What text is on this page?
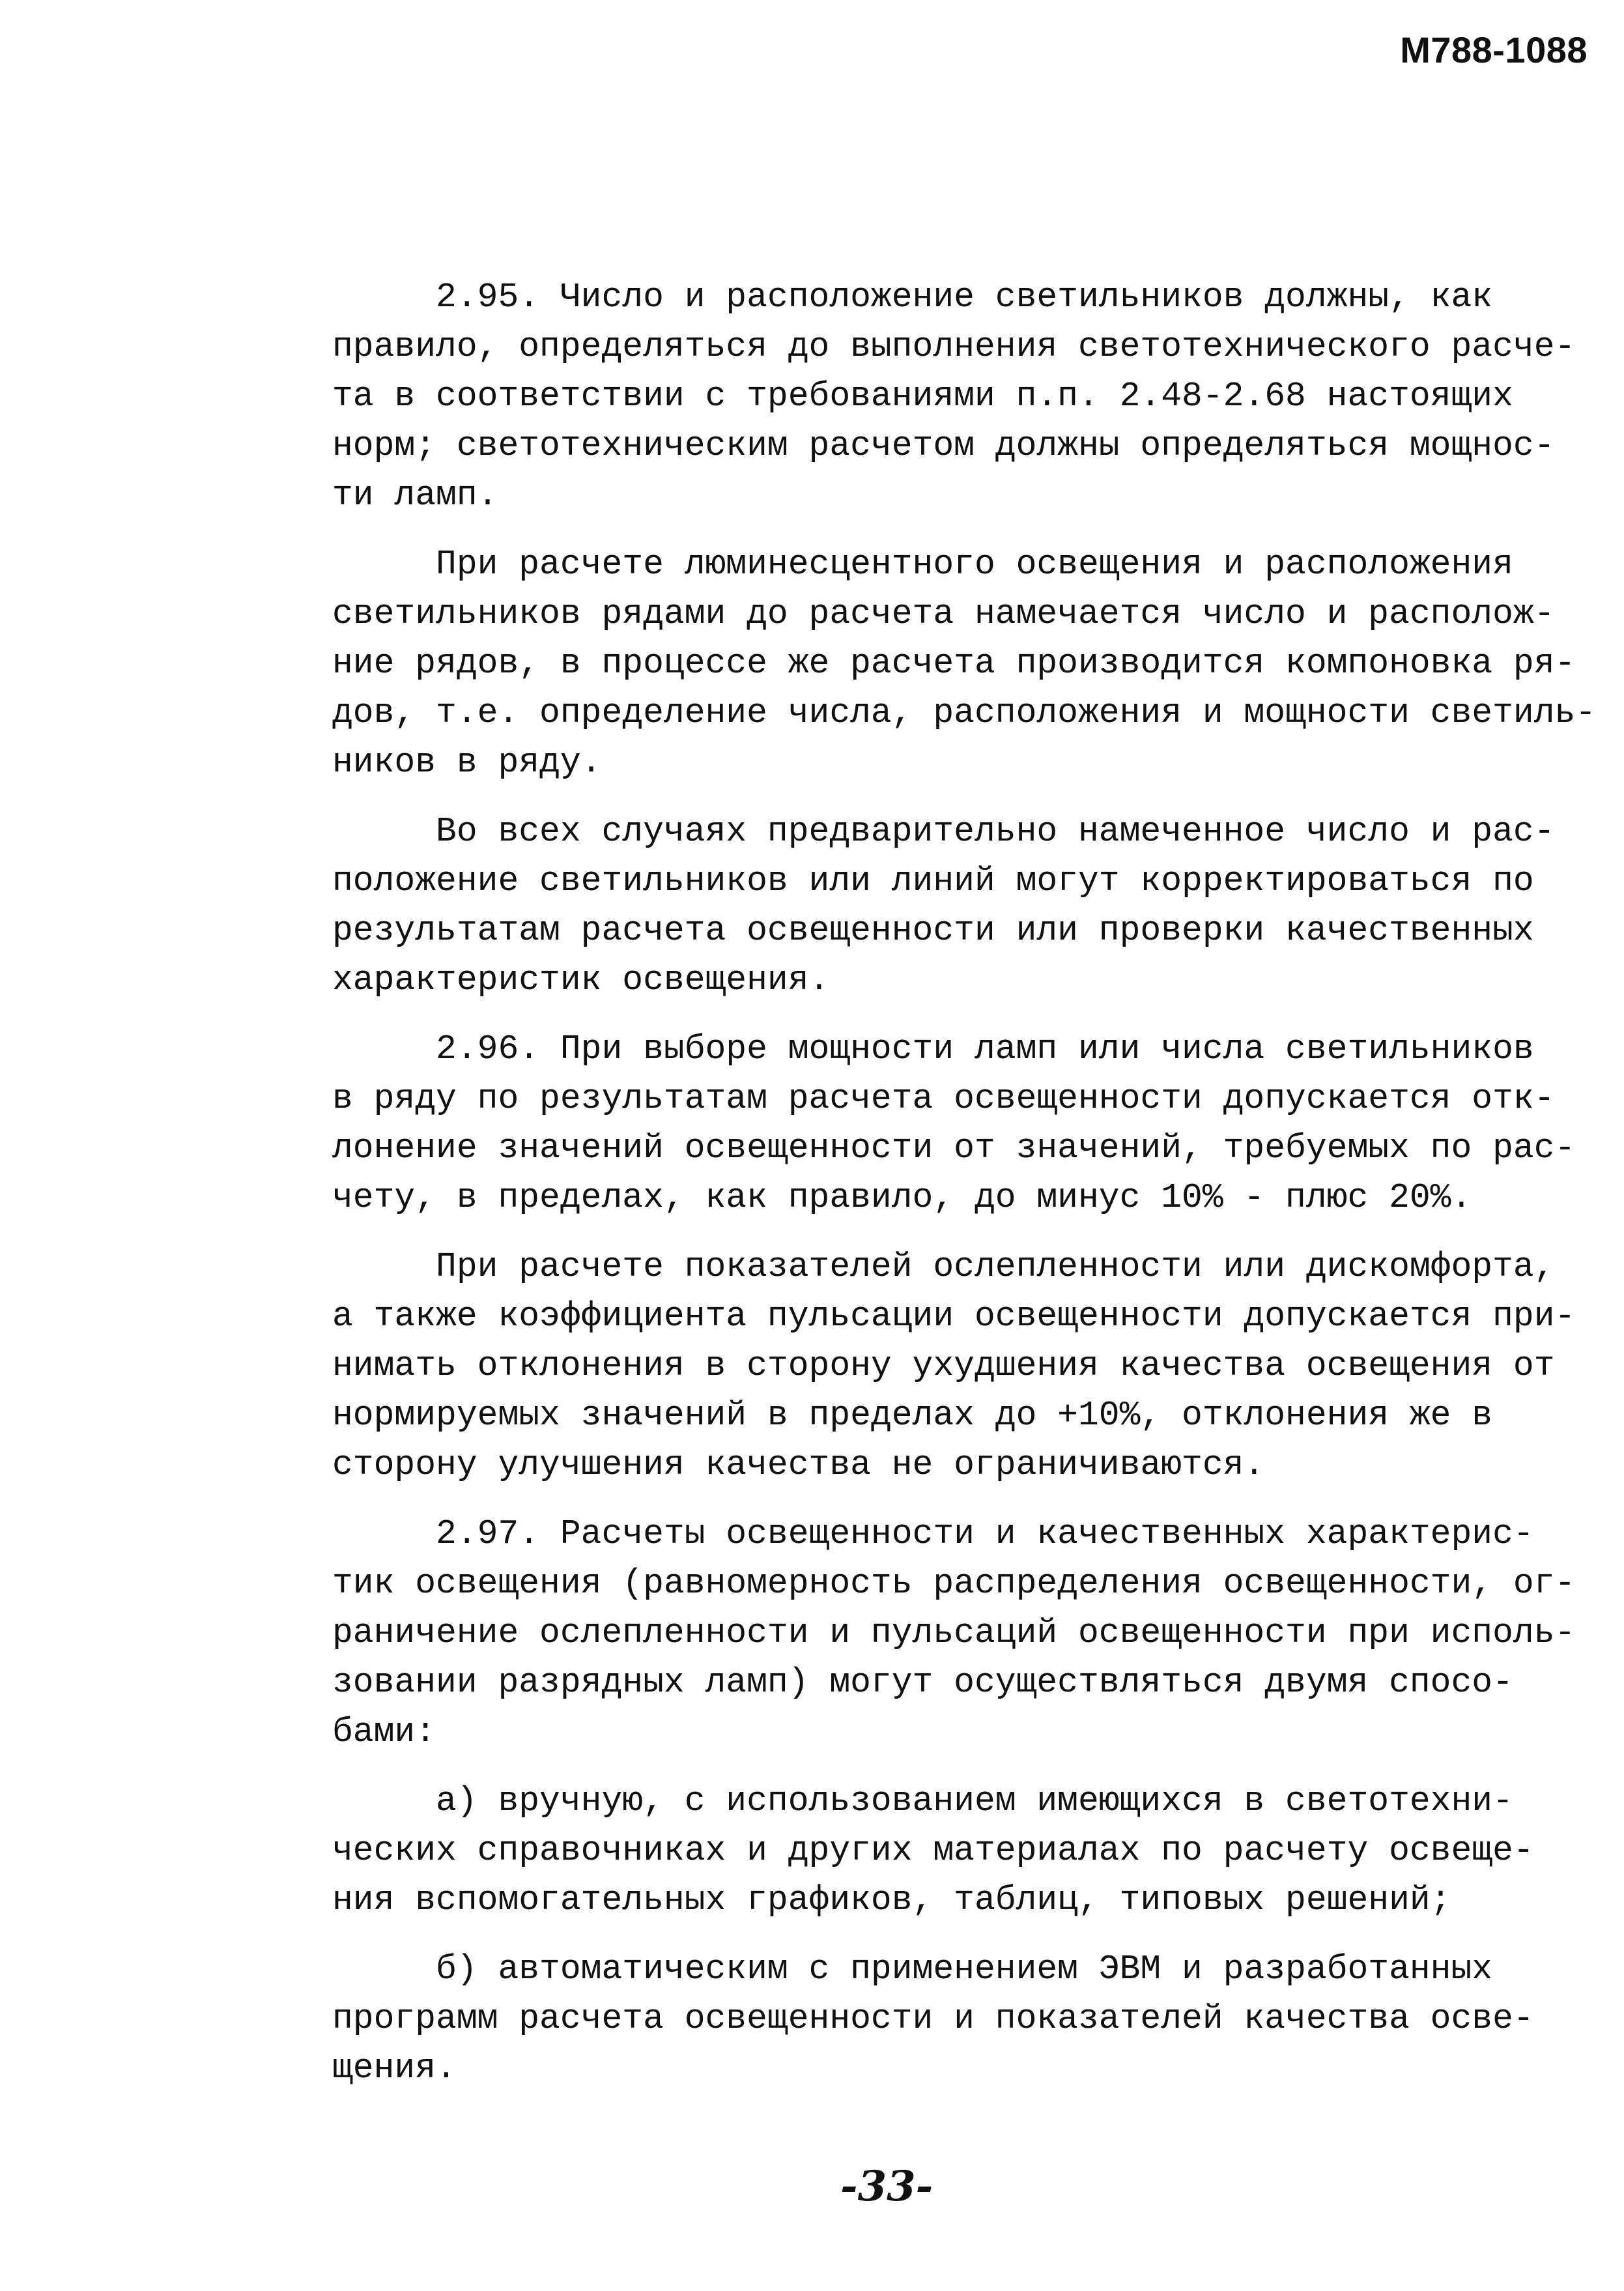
М788-1088
2.95. Число и расположение светильников должны, как
правило, определяться до выполнения светотехнического расче-
та в соответствии с требованиями п.п. 2.48-2.68 настоящих
норм; светотехническим расчетом должны определяться мощнос-
ти ламп.
При расчете люминесцентного освещения и расположения
светильников рядами до расчета намечается число и располож-
ние рядов, в процессе же расчета производится компоновка ря-
дов, т.е. определение числа, расположения и мощности светиль-
ников в ряду.
Во всех случаях предварительно намеченное число и рас-
положение светильников или линий могут корректироваться по
результатам расчета освещенности или проверки качественных
характеристик освещения.
2.96. При выборе мощности ламп или числа светильников
в ряду по результатам расчета освещенности допускается отк-
лонение значений освещенности от значений, требуемых по рас-
чету, в пределах, как правило, до минус 10% - плюс 20%.
При расчете показателей ослепленности или дискомфорта,
а также коэффициента пульсации освещенности допускается при-
нимать отклонения в сторону ухудшения качества освещения от
нормируемых значений в пределах до +10%, отклонения же в
сторону улучшения качества не ограничиваются.
2.97. Расчеты освещенности и качественных характерис-
тик освещения (равномерность распределения освещенности, ог-
раничение ослепленности и пульсаций освещенности при исполь-
зовании разрядных ламп) могут осуществляться двумя спосо-
бами:
а) вручную, с использованием имеющихся в светотехни-
ческих справочниках и других материалах по расчету освеще-
ния вспомогательных графиков, таблиц, типовых решений;
б) автоматическим с применением ЭВМ и разработанных
программ расчета освещенности и показателей качества осве-
щения.
-33-
